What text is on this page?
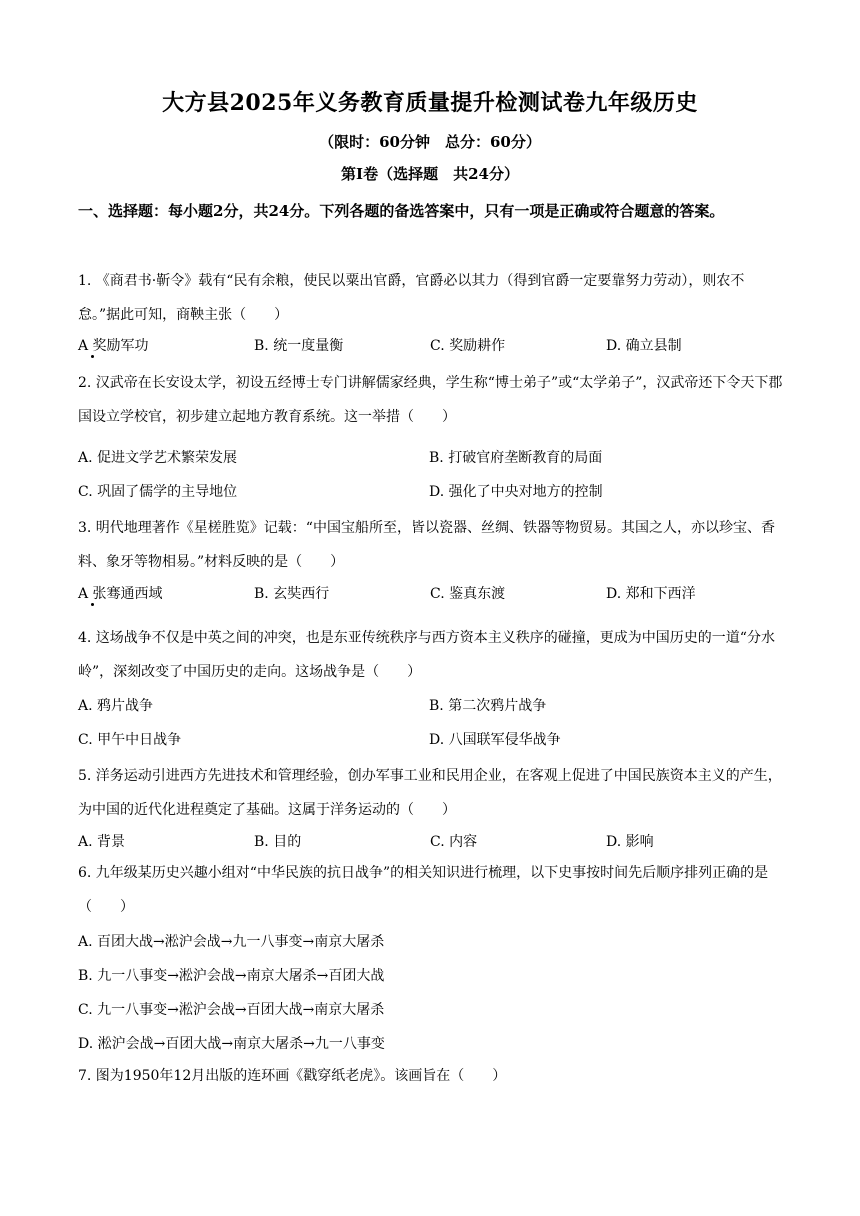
大方县2025年义务教育质量提升检测试卷九年级历史
（限时：60分钟　总分：60分）
第Ⅰ卷（选择题　共24分）
一、选择题：每小题2分，共24分。下列各题的备选答案中，只有一项是正确或符合题意的答案。
1. 《商君书·靳令》载有“民有余粮，使民以粟出官爵，官爵必以其力（得到官爵一定要靠努力劳动），则农不怠。”据此可知，商鞅主张（　　）
A 奖励军功	B. 统一度量衡	C. 奖励耕作	D. 确立县制
2. 汉武帝在长安设太学，初设五经博士专门讲解儒家经典，学生称“博士弟子”或“太学弟子”，汉武帝还下令天下郡国设立学校官，初步建立起地方教育系统。这一举措（　　）
A. 促进文学艺术繁荣发展	B. 打破官府垄断教育的局面
C. 巩固了儒学的主导地位	D. 强化了中央对地方的控制
3. 明代地理著作《星槎胜览》记载：“中国宝船所至，皆以瓷器、丝绸、铁器等物贸易。其国之人，亦以珍宝、香料、象牙等物相易。”材料反映的是（　　）
A 张骞通西域	B. 玄奘西行	C. 鉴真东渡	D. 郑和下西洋
4. 这场战争不仅是中英之间的冲突，也是东亚传统秩序与西方资本主义秩序的碰撞，更成为中国历史的一道“分水岭”，深刻改变了中国历史的走向。这场战争是（　　）
A. 鸦片战争	B. 第二次鸦片战争
C. 甲午中日战争	D. 八国联军侵华战争
5. 洋务运动引进西方先进技术和管理经验，创办军事工业和民用企业，在客观上促进了中国民族资本主义的产生，为中国的近代化进程奠定了基础。这属于洋务运动的（　　）
A. 背景	B. 目的	C. 内容	D. 影响
6. 九年级某历史兴趣小组对“中华民族的抗日战争”的相关知识进行梳理，以下史事按时间先后顺序排列正确的是（　　）
A. 百团大战→淞沪会战→九一八事变→南京大屠杀
B. 九一八事变→淞沪会战→南京大屠杀→百团大战
C. 九一八事变→淞沪会战→百团大战→南京大屠杀
D. 淞沪会战→百团大战→南京大屠杀→九一八事变
7. 图为1950年12月出版的连环画《戳穿纸老虎》。该画旨在（　　）
